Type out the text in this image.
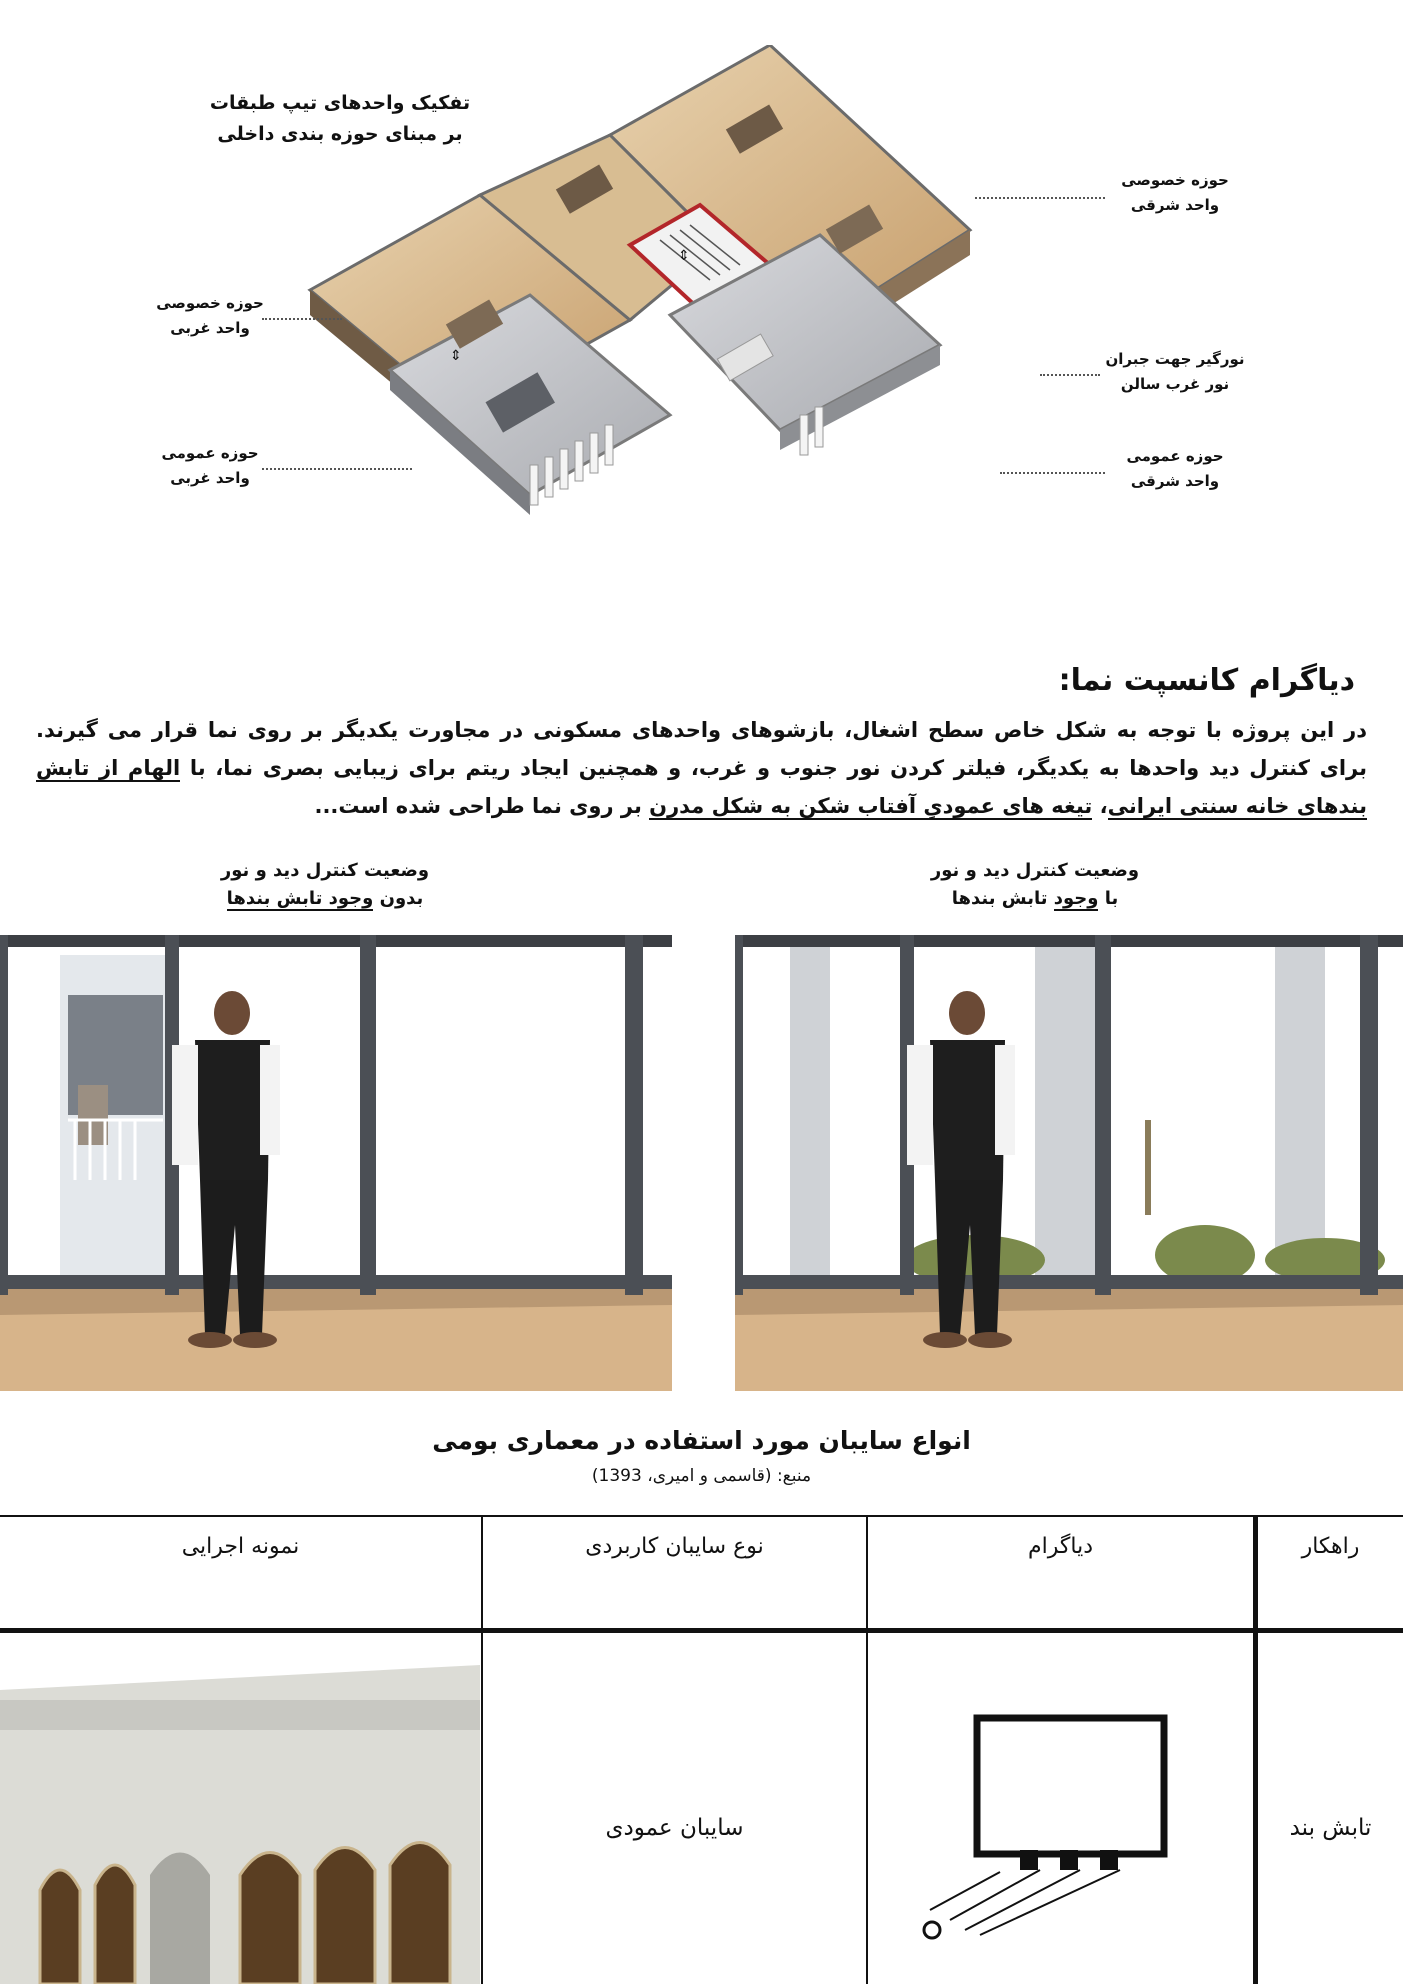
تفکیک واحدهای تیپ طبقات
بر مبنای حوزه بندی داخلی
⇕
⇕
حوزه خصوصی
واحد غربی
حوزه عمومی
واحد غربی
حوزه خصوصی
واحد شرقی
نورگیر جهت جبران
نور غرب سالن
حوزه عمومی
واحد شرقی
دیاگرام کانسپت نما:
در این پروژه با توجه به شکل خاص سطح اشغال، بازشوهای واحدهای مسکونی در مجاورت یکدیگر بر روی نما قرار می گیرند. برای کنترل دید واحدها به یکدیگر، فیلتر کردن نور جنوب و غرب، و همچنین ایجاد ریتم برای زیبایی بصری نما، با الهام از تابش بندهای خانه سنتی ایرانی، تیغه های عمودیِ آفتاب شکن به شکل مدرن بر روی نما طراحی شده است...
وضعیت کنترل دید و نور
بدون وجود تابش بندها
وضعیت کنترل دید و نور
با وجود تابش بندها
انواع سایبان مورد استفاده در معماری بومی
منبع: (قاسمی و امیری، 1393)
راهکار
دیاگرام
نوع سایبان کاربردی
نمونه اجرایی
تابش بند
سایبان عمودی
